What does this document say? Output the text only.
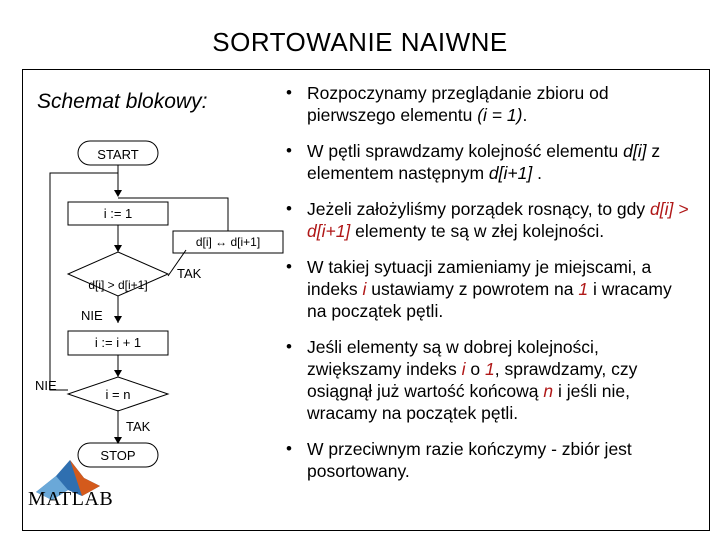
SORTOWANIE NAIWNE
Schemat blokowy:
START
i := 1
d[i] > d[i+1]
d[i] ↔ d[i+1]
i := i + 1
i = n
STOP
TAK
NIE
NIE
TAK
• Rozpoczynamy przeglądanie zbioru od pierwszego elementu (i = 1).
• W pętli sprawdzamy kolejność elementu d[i] z elementem następnym d[i+1] .
• Jeżeli założyliśmy porządek rosnący, to gdy d[i] > d[i+1] elementy te są w złej kolejności.
• W takiej sytuacji zamieniamy je miejscami, a indeks i ustawiamy z powrotem na 1 i wracamy na początek pętli.
• Jeśli elementy są w dobrej kolejności, zwiększamy indeks i o 1, sprawdzamy, czy osiągnął już wartość końcową n i jeśli nie, wracamy na początek pętli.
• W przeciwnym razie kończymy - zbiór jest posortowany.
MATLAB
